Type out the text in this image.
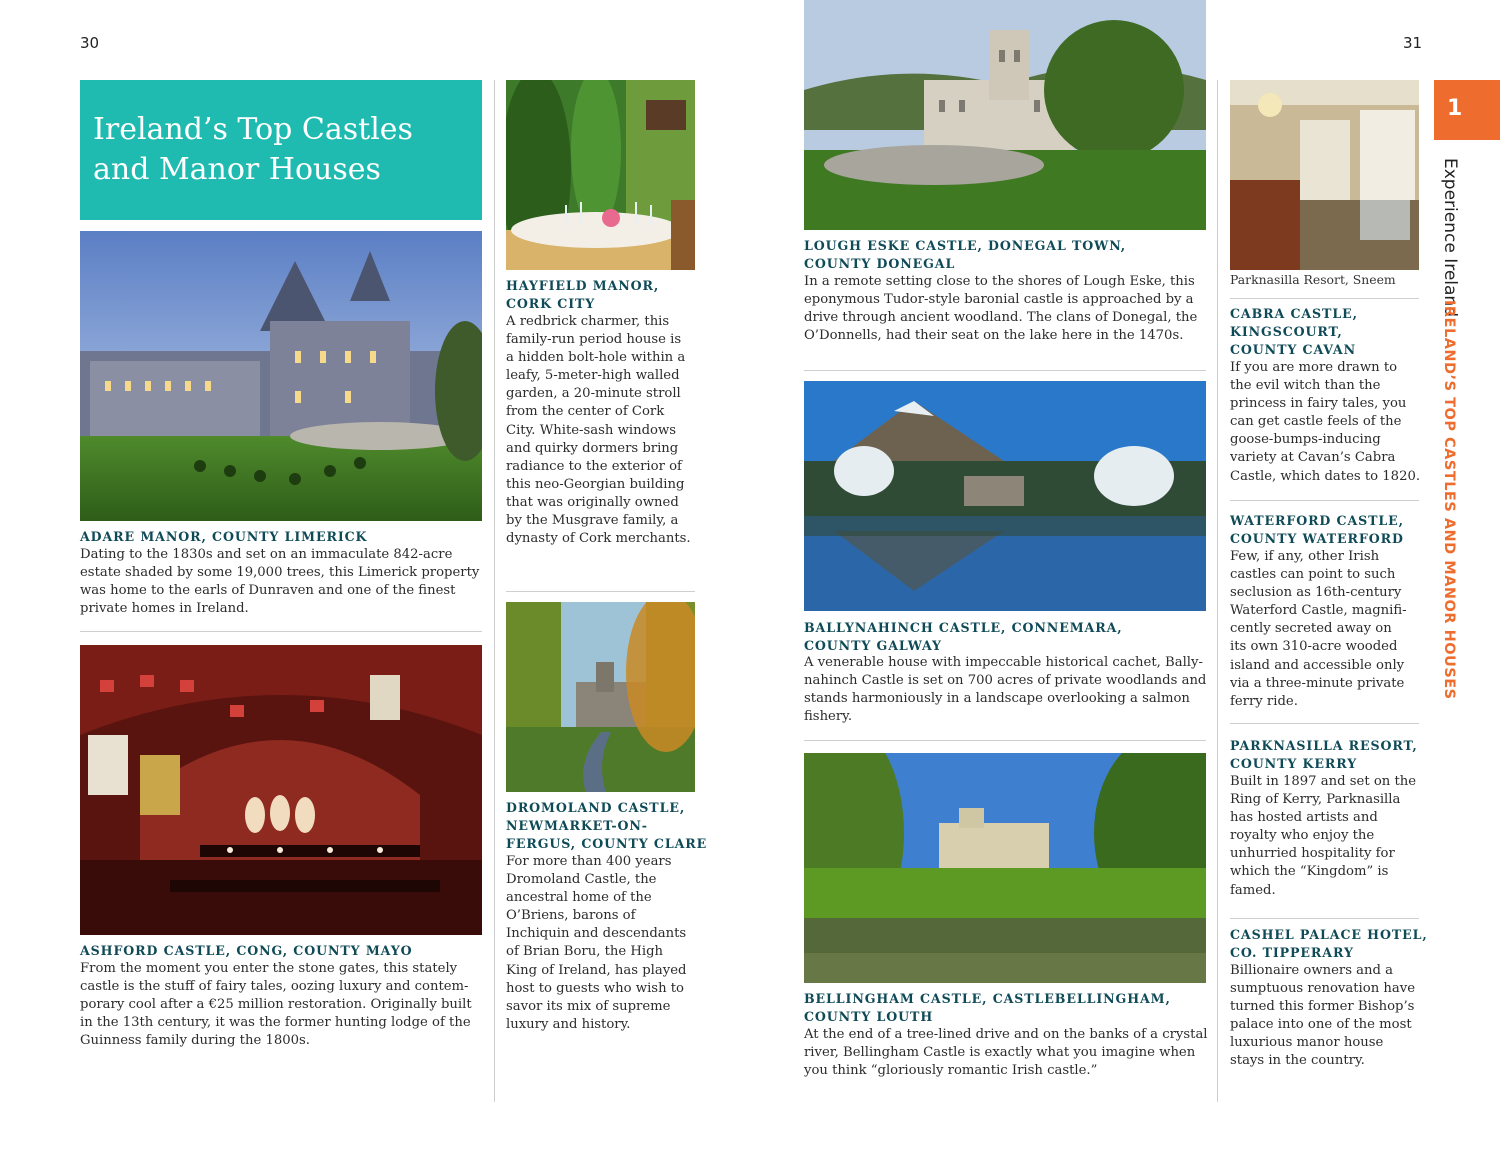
30	31
Ireland’s Top Castles
and Manor Houses
ADARE MANOR, COUNTY LIMERICK
Dating to the 1830s and set on an immaculate 842-acre
estate shaded by some 19,000 trees, this Limerick property
was home to the earls of Dunraven and one of the finest
private homes in Ireland.
ASHFORD CASTLE, CONG, COUNTY MAYO
From the moment you enter the stone gates, this stately
castle is the stuff of fairy tales, oozing luxury and contem-
porary cool after a €25 million restoration. Originally built
in the 13th century, it was the former hunting lodge of the
Guinness family during the 1800s.
HAYFIELD MANOR,
CORK CITY
A redbrick charmer, this
family-run period house is
a hidden bolt-hole within a
leafy, 5-meter-high walled
garden, a 20-minute stroll
from the center of Cork
City. White-sash windows
and quirky dormers bring
radiance to the exterior of
this neo-Georgian building
that was originally owned
by the Musgrave family, a
dynasty of Cork merchants.
DROMOLAND CASTLE,
NEWMARKET-ON-
FERGUS, COUNTY CLARE
For more than 400 years
Dromoland Castle, the
ancestral home of the
O’Briens, barons of
Inchiquin and descendants
of Brian Boru, the High
King of Ireland, has played
host to guests who wish to
savor its mix of supreme
luxury and history.
LOUGH ESKE CASTLE, DONEGAL TOWN,
COUNTY DONEGAL
In a remote setting close to the shores of Lough Eske, this
eponymous Tudor-style baronial castle is approached by a
drive through ancient woodland. The clans of Donegal, the
O’Donnells, had their seat on the lake here in the 1470s.
BALLYNAHINCH CASTLE, CONNEMARA,
COUNTY GALWAY
A venerable house with impeccable historical cachet, Bally-
nahinch Castle is set on 700 acres of private woodlands and
stands harmoniously in a landscape overlooking a salmon
fishery.
BELLINGHAM CASTLE, CASTLEBELLINGHAM,
COUNTY LOUTH
At the end of a tree-lined drive and on the banks of a crystal
river, Bellingham Castle is exactly what you imagine when
you think “gloriously romantic Irish castle.”
Parknasilla Resort, Sneem
CABRA CASTLE,
KINGSCOURT,
COUNTY CAVAN
If you are more drawn to
the evil witch than the
princess in fairy tales, you
can get castle feels of the
goose-bumps-inducing
variety at Cavan’s Cabra
Castle, which dates to 1820.
WATERFORD CASTLE,
COUNTY WATERFORD
Few, if any, other Irish
castles can point to such
seclusion as 16th-century
Waterford Castle, magnifi-
cently secreted away on
its own 310-acre wooded
island and accessible only
via a three-minute private
ferry ride.
PARKNASILLA RESORT,
COUNTY KERRY
Built in 1897 and set on the
Ring of Kerry, Parknasilla
has hosted artists and
royalty who enjoy the
unhurried hospitality for
which the “Kingdom” is
famed.
CASHEL PALACE HOTEL,
CO. TIPPERARY
Billionaire owners and a
sumptuous renovation have
turned this former Bishop’s
palace into one of the most
luxurious manor house
stays in the country.
1
Experience Ireland
IRELAND’S TOP CASTLES AND MANOR HOUSES
